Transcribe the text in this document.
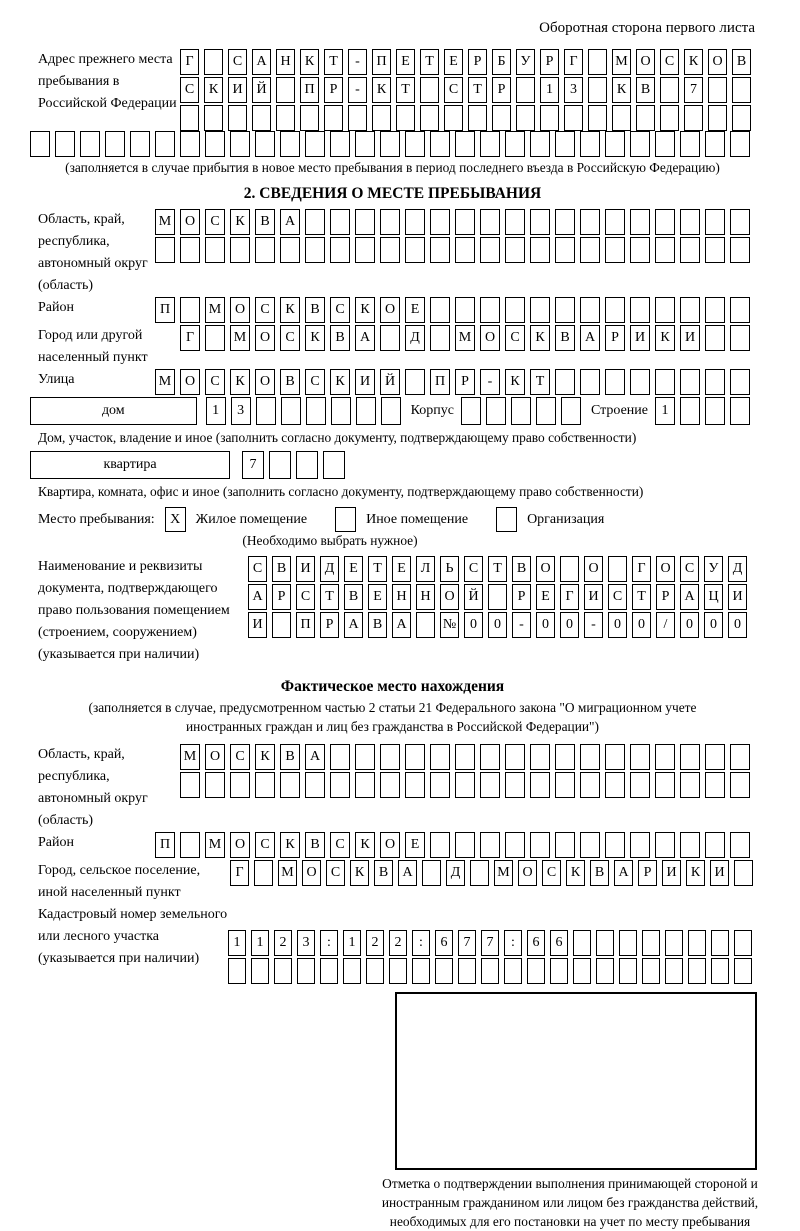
Оборотная сторона первого листа
Адрес прежнего места пребывания в Российской Федерации
Г	С	А Н	К	Т	-	П	Е	Т	Е	Р	Б	У	Р	Г	М О	С	К	О	В
С	К	И Й	П	Р	-	К	Т	С	Т	Р	1	3	К	В	7
(заполняется в случае прибытия в новое место пребывания в период последнего въезда в Российскую Федерацию)
2. СВЕДЕНИЯ О МЕСТЕ ПРЕБЫВАНИЯ
Область, край, республика, автономный округ (область)
М О	С	К	В	А
Район	П	М О	С	К	В	С	К	О	Е
Город или другой населенный пункт
Г	М О	С	К	В	А	Д	М О	С	К	В	А	Р	И	К	И
Улица	М О	С	К	О	В	С	К	И	Й	П	Р	-	К	Т
дом	1	3	Корпус	Строение 1
Дом, участок, владение и иное (заполнить согласно документу, подтверждающему право собственности)
квартира	7
Квартира, комната, офис и иное (заполнить согласно документу, подтверждающему право собственности)
Место пребывания:	X	Жилое помещение	Иное помещение	Организация
(Необходимо выбрать нужное)
Наименование и реквизиты документа, подтверждающего право пользования помещением (строением, сооружением) (указывается при наличии)
С	В	И	Д	Е	Т	Е	Л	Ь	С	Т	В	О	О	Г	О	С	У	Д
А	Р	С	Т	В	Е	Н Н О Й	Р	Е	Г	И	С	Т	Р	А Ц И
И	П	Р	А	В	А	№ 0	0	-	0	0	-	0	0	/	0	0	0
Фактическое место нахождения
(заполняется в случае, предусмотренном частью 2 статьи 21 Федерального закона "О миграционном учете иностранных граждан и лиц без гражданства в Российской Федерации")
Область, край, республика, автономный округ (область)
М О	С	К	В	А
Район	П	М О	С	К	В	С	К	О	Е
Город, сельское поселение, иной населенный пункт
Г	М О	С	К	В	А	Д	М О	С	К	В	А	Р	И	К	И
Кадастровый номер земельного или лесного участка (указывается при наличии)
1	1	2	3	:	1	2	2	:	6	7	7	:	6	6
Отметка о подтверждении выполнения принимающей стороной и иностранным гражданином или лицом без гражданства действий, необходимых для его постановки на учет по месту пребывания
